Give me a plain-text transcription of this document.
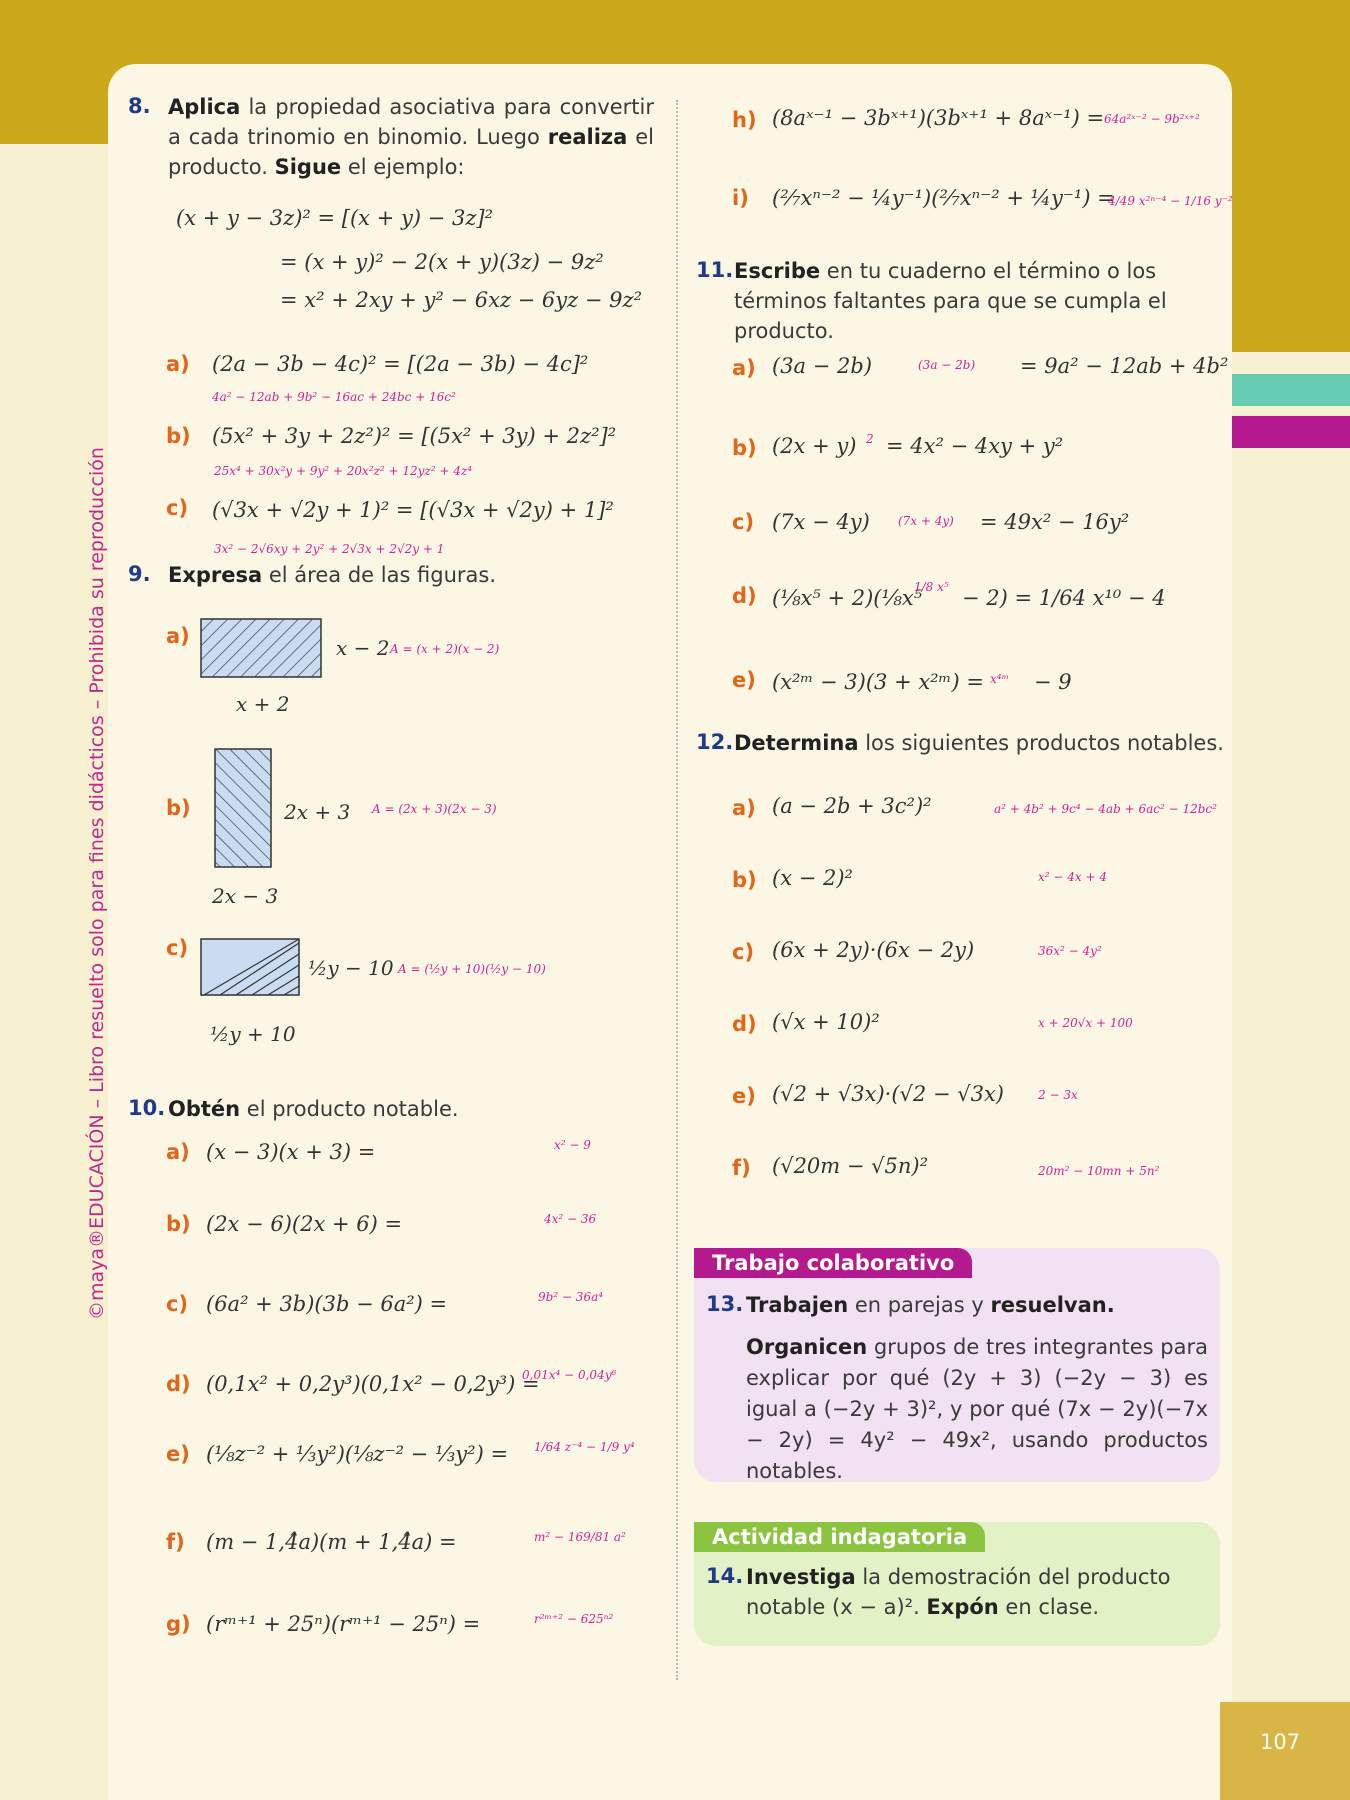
©maya®EDUCACIÓN – Libro resuelto solo para fines didácticos – Prohibida su reproducción
8. Aplica la propiedad asociativa para convertir a cada trinomio en binomio. Luego realiza el producto. Sigue el ejemplo:
(x + y − 3z)² = [(x + y) − 3z]²
= (x + y)² − 2(x + y)(3z) − 9z²
= x² + 2xy + y² − 6xz − 6yz − 9z²
a) (2a − 3b − 4c)² = [(2a − 3b) − 4c]²
4a² − 12ab + 9b² − 16ac + 24bc + 16c²
b) (5x² + 3y + 2z²)² = [(5x² + 3y) + 2z²]²
25x⁴ + 30x²y + 9y² + 20x²z² + 12yz² + 4z⁴
c) (√3x + √2y + 1)² = [(√3x + √2y) + 1]²
3x² − 2√6xy + 2y² + 2√3x + 2√2y + 1
9. Expresa el área de las figuras.
a)	x − 2 A = (x + 2)(x − 2)
x + 2
b)	2x + 3 A = (2x + 3)(2x − 3)
2x − 3
c)
½y − 10 A = (½y + 10)(½y − 10)
½y + 10
10. Obtén el producto notable.
a) (x − 3)(x + 3) =	x² − 9
b) (2x − 6)(2x + 6) =	4x² − 36
c) (6a² + 3b)(3b − 6a²) =	9b² − 36a⁴
d) (0,1x² + 0,2y³)(0,1x² − 0,2y³) =
0,01x⁴ − 0,04y⁶
e) (⅛z⁻² + ⅓y²)(⅛z⁻² − ⅓y²) = 1/64 z⁻⁴ − 1/9 y⁴
f) (m − 1,4̂a)(m + 1,4̂a) =	m² − 169/81 a²
g) (rᵐ⁺¹ + 25ⁿ)(rᵐ⁺¹ − 25ⁿ) =	r²ᵐ⁺² − 625ⁿ²
h) (8aˣ⁻¹ − 3bˣ⁺¹)(3bˣ⁺¹ + 8aˣ⁻¹) = 64a²ˣ⁻² − 9b²ˣ⁺²
i) (²⁄₇xⁿ⁻² − ¼y⁻¹)(²⁄₇xⁿ⁻² + ¼y⁻¹) =
4/49 x²ⁿ⁻⁴ − 1/16 y⁻²
11. Escribe en tu cuaderno el término o los términos faltantes para que se cumpla el producto.
a) (3a − 2b)	(3a − 2b) = 9a² − 12ab + 4b²
b) (2x + y) 2 = 4x² − 4xy + y²
c) (7x − 4y) (7x + 4y) = 49x² − 16y²
d) (⅛x⁵ + 2)(⅛x⁵
1/8 x⁵ − 2) = 1/64 x¹⁰ − 4
e) (x²ᵐ − 3)(3 + x²ᵐ) = x⁴ᵐ − 9
12. Determina los siguientes productos notables.
a) (a − 2b + 3c²)²	a² + 4b² + 9c⁴ − 4ab + 6ac² − 12bc²
b) (x − 2)²	x² − 4x + 4
c) (6x + 2y)·(6x − 2y)	36x² − 4y²
d) (√x + 10)²	x + 20√x + 100
e) (√2 + √3x)·(√2 − √3x)	2 − 3x
f) (√20m − √5n)²	20m² − 10mn + 5n²
Trabajo colaborativo
13. Trabajen en parejas y resuelvan.
Organicen grupos de tres integrantes para explicar por qué (2y + 3) (−2y − 3) es igual a (−2y + 3)², y por qué (7x − 2y)(−7x − 2y) = 4y² − 49x², usando productos notables.
Actividad indagatoria
14. Investiga la demostración del producto notable (x − a)². Expón en clase.
107
